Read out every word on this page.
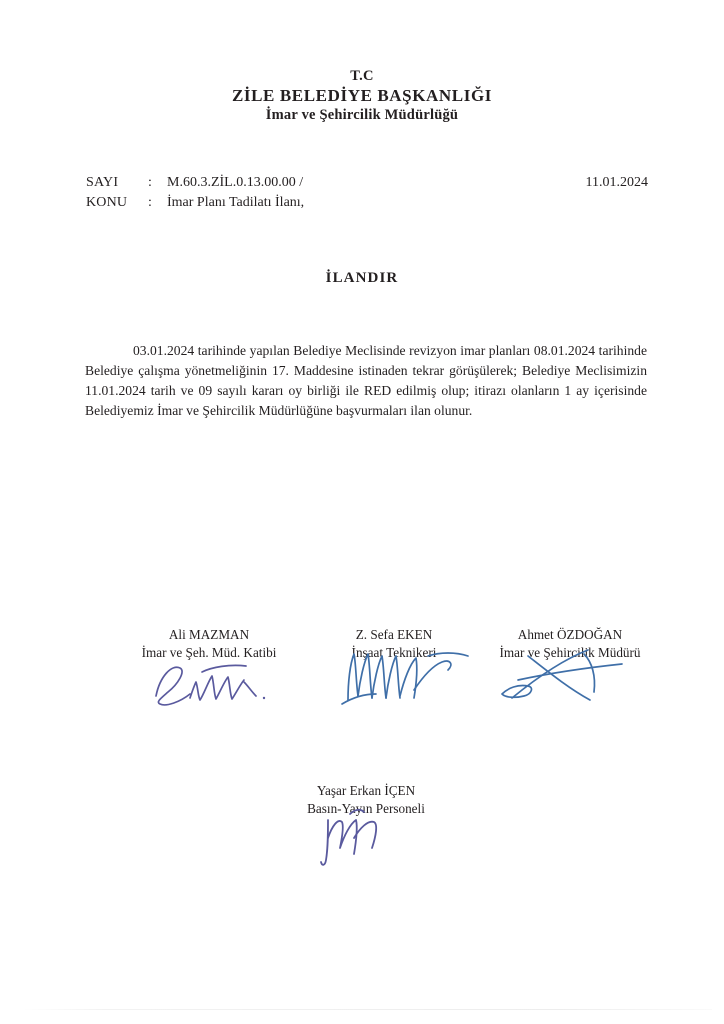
T.C
ZİLE BELEDİYE BAŞKANLIĞI
İmar ve Şehircilik Müdürlüğü
SAYI	:	M.60.3.ZİL.0.13.00.00 /	11.01.2024
KONU	:	İmar Planı Tadilatı İlanı,
İLANDIR

03.01.2024 tarihinde yapılan Belediye Meclisinde revizyon imar planları 08.01.2024 tarihinde Belediye çalışma yönetmeliğinin 17. Maddesine istinaden tekrar görüşülerek; Belediye Meclisimizin 11.01.2024 tarih ve 09 sayılı kararı oy birliği ile RED edilmiş olup; itirazı olanların 1 ay içerisinde Belediyemiz İmar ve Şehircilik Müdürlüğüne başvurmaları ilan olunur.

Ali MAZMAN
İmar ve Şeh. Müd. Katibi
Z. Sefa EKEN
İnşaat Teknikeri
Ahmet ÖZDOĞAN
İmar ve Şehircilik Müdürü
Yaşar Erkan İÇEN
Basın-Yayın Personeli
